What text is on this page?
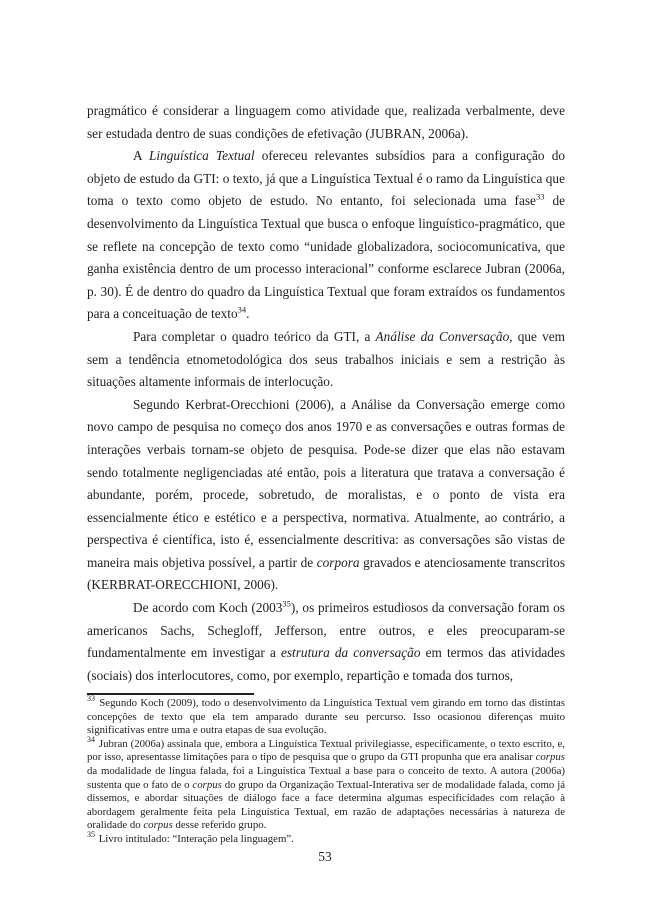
pragmático é considerar a linguagem como atividade que, realizada verbalmente, deve ser estudada dentro de suas condições de efetivação (JUBRAN, 2006a).

A Linguística Textual ofereceu relevantes subsídios para a configuração do objeto de estudo da GTI: o texto, já que a Linguística Textual é o ramo da Linguística que toma o texto como objeto de estudo. No entanto, foi selecionada uma fase$^{33}$ de desenvolvimento da Linguística Textual que busca o enfoque linguístico-pragmático, que se reflete na concepção de texto como “unidade globalizadora, sociocomunicativa, que ganha existência dentro de um processo interacional” conforme esclarece Jubran (2006a, p. 30). É de dentro do quadro da Linguística Textual que foram extraídos os fundamentos para a conceituação de texto$^{34}$.

Para completar o quadro teórico da GTI, a Análise da Conversação, que vem sem a tendência etnometodológica dos seus trabalhos iniciais e sem a restrição às situações altamente informais de interlocução.

Segundo Kerbrat-Orecchioni (2006), a Análise da Conversação emerge como novo campo de pesquisa no começo dos anos 1970 e as conversações e outras formas de interações verbais tornam-se objeto de pesquisa. Pode-se dizer que elas não estavam sendo totalmente negligenciadas até então, pois a literatura que tratava a conversação é abundante, porém, procede, sobretudo, de moralistas, e o ponto de vista era essencialmente ético e estético e a perspectiva, normativa. Atualmente, ao contrário, a perspectiva é científica, isto é, essencialmente descritiva: as conversações são vistas de maneira mais objetiva possível, a partir de corpora gravados e atenciosamente transcritos (KERBRAT-ORECCHIONI, 2006).

De acordo com Koch (2003$^{35}$), os primeiros estudiosos da conversação foram os americanos Sachs, Schegloff, Jefferson, entre outros, e eles preocuparam-se fundamentalmente em investigar a estrutura da conversação em termos das atividades (sociais) dos interlocutores, como, por exemplo, repartição e tomada dos turnos,

$^{33}$ Segundo Koch (2009), todo o desenvolvimento da Linguística Textual vem girando em torno das distintas concepções de texto que ela tem amparado durante seu percurso. Isso ocasionou diferenças muito significativas entre uma e outra etapas de sua evolução.
$^{34}$ Jubran (2006a) assinala que, embora a Linguística Textual privilegiasse, especificamente, o texto escrito, e, por isso, apresentasse limitações para o tipo de pesquisa que o grupo da GTI propunha que era analisar corpus da modalidade de língua falada, foi a Linguística Textual a base para o conceito de texto. A autora (2006a) sustenta que o fato de o corpus do grupo da Organização Textual-Interativa ser de modalidade falada, como já dissemos, e abordar situações de diálogo face a face determina algumas especificidades com relação à abordagem geralmente feita pela Linguística Textual, em razão de adaptações necessárias à natureza de oralidade do corpus desse referido grupo.
$^{35}$ Livro intitulado: “Interação pela linguagem”.
53
